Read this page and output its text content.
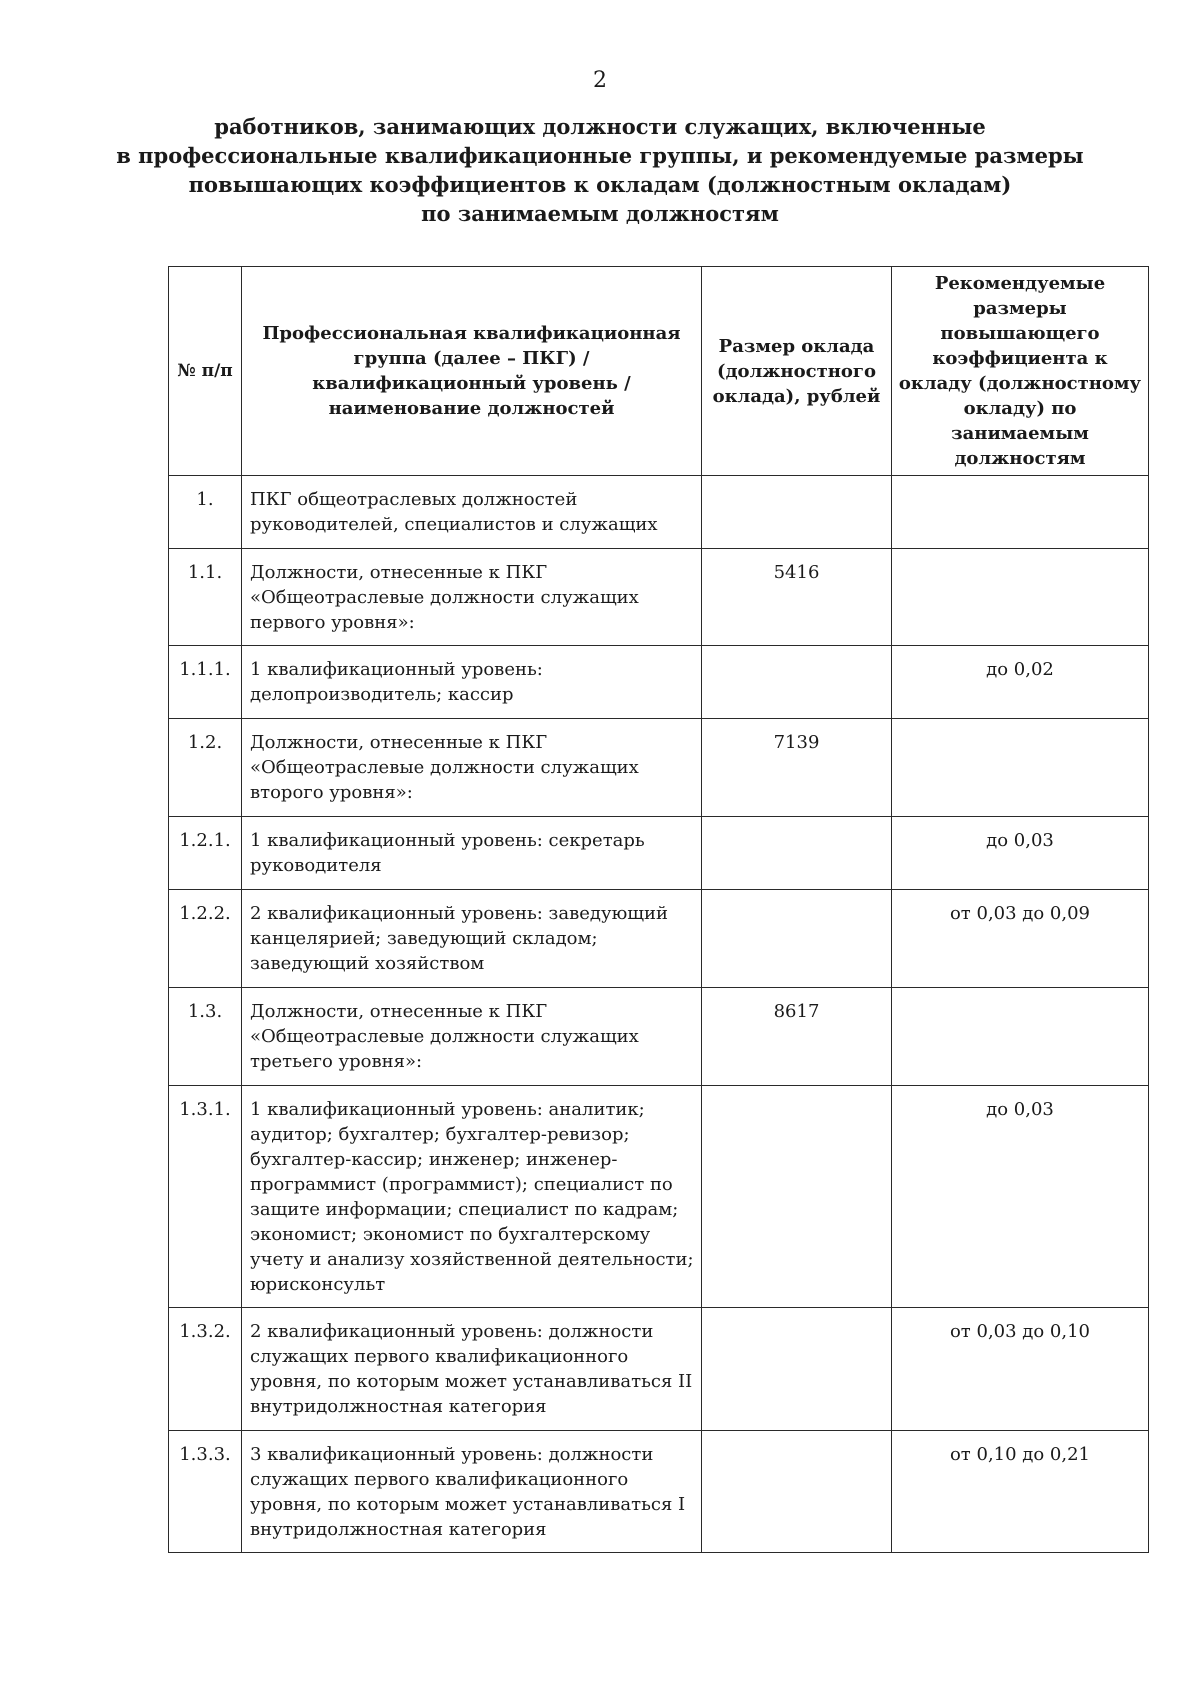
2
работников, занимающих должности служащих, включенные
в профессиональные квалификационные группы, и рекомендуемые размеры
повышающих коэффициентов к окладам (должностным окладам)
по занимаемым должностям
№ п/п	Профессиональная квалификационная группа (далее – ПКГ) / квалификационный уровень / наименование должностей	Размер оклада (должностного оклада), рублей	Рекомендуемые размеры повышающего коэффициента к окладу (должностному окладу) по занимаемым должностям
1.	ПКГ общеотраслевых должностей руководителей, специалистов и служащих		
1.1.	Должности, отнесенные к ПКГ «Общеотраслевые должности служащих первого уровня»:	5416	
1.1.1.	1 квалификационный уровень: делопроизводитель; кассир		до 0,02
1.2.	Должности, отнесенные к ПКГ «Общеотраслевые должности служащих второго уровня»:	7139	
1.2.1.	1 квалификационный уровень: секретарь руководителя		до 0,03
1.2.2.	2 квалификационный уровень: заведующий канцелярией; заведующий складом; заведующий хозяйством		от 0,03 до 0,09
1.3.	Должности, отнесенные к ПКГ «Общеотраслевые должности служащих третьего уровня»:	8617	
1.3.1.	1 квалификационный уровень: аналитик; аудитор; бухгалтер; бухгалтер-ревизор; бухгалтер-кассир; инженер; инженер-программист (программист); специалист по защите информации; специалист по кадрам; экономист; экономист по бухгалтерскому учету и анализу хозяйственной деятельности; юрисконсульт		до 0,03
1.3.2.	2 квалификационный уровень: должности служащих первого квалификационного уровня, по которым может устанавливаться II внутридолжностная категория		от 0,03 до 0,10
1.3.3.	3 квалификационный уровень: должности служащих первого квалификационного уровня, по которым может устанавливаться I внутридолжностная категория		от 0,10 до 0,21
